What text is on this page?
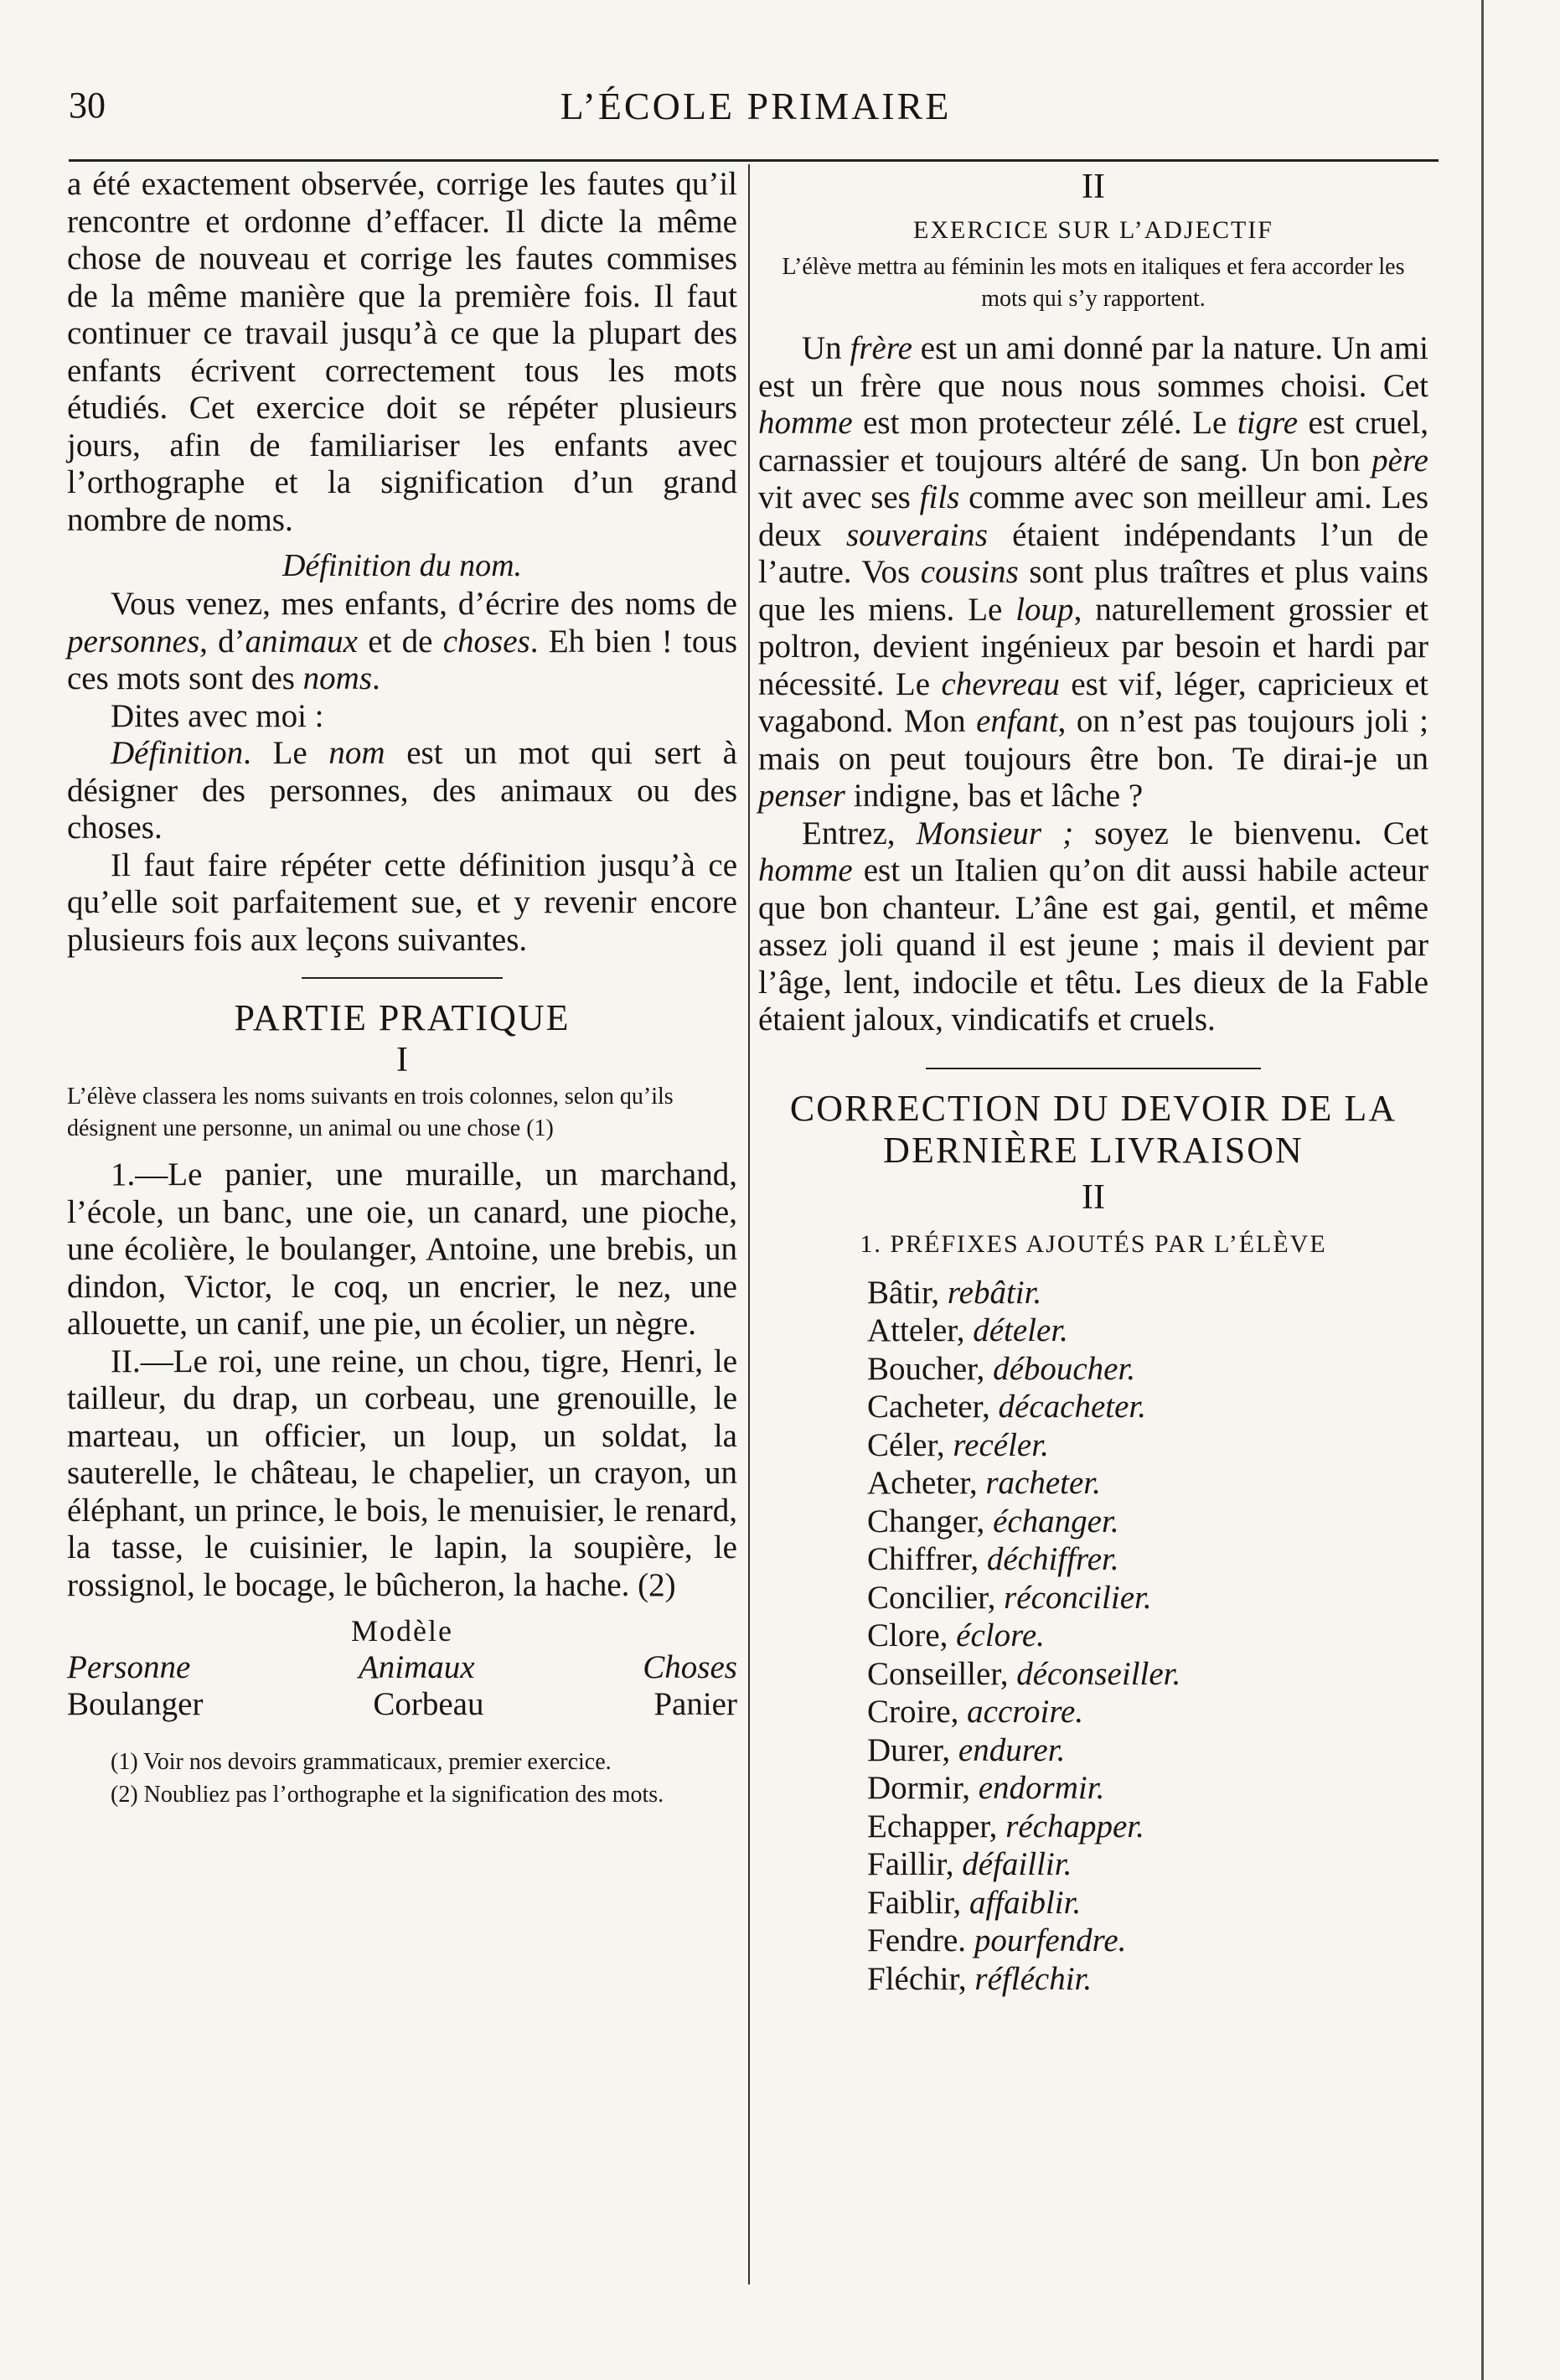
30	L’ÉCOLE PRIMAIRE

a été exactement observée, corrige les fautes qu’il rencontre et ordonne d’effacer. Il dicte la même chose de nouveau et corrige les fautes commises de la même manière que la première fois. Il faut continuer ce travail jusqu’à ce que la plupart des enfants écrivent correctement tous les mots étudiés. Cet exercice doit se répéter plusieurs jours, afin de familiariser les enfants avec l’orthographe et la signification d’un grand nombre de noms.

Définition du nom.

Vous venez, mes enfants, d’écrire des noms de personnes, d’animaux et de choses. Eh bien ! tous ces mots sont des noms.

Dites avec moi :

Définition. Le nom est un mot qui sert à désigner des personnes, des animaux ou des choses.

Il faut faire répéter cette définition jusqu’à ce qu’elle soit parfaitement sue, et y revenir encore plusieurs fois aux leçons suivantes.

PARTIE PRATIQUE

I

L’élève classera les noms suivants en trois colonnes, selon qu’ils désignent une personne, un animal ou une chose (1)

1.—Le panier, une muraille, un marchand, l’école, un banc, une oie, un canard, une pioche, une écolière, le boulanger, Antoine, une brebis, un dindon, Victor, le coq, un encrier, le nez, une allouette, un canif, une pie, un écolier, un nègre.

II.—Le roi, une reine, un chou, tigre, Henri, le tailleur, du drap, un corbeau, une grenouille, le marteau, un officier, un loup, un soldat, la sauterelle, le château, le chapelier, un crayon, un éléphant, un prince, le bois, le menuisier, le renard, la tasse, le cuisinier, le lapin, la soupière, le rossignol, le bocage, le bûcheron, la hache. (2)

Modèle

Personne	Animaux	Choses
Boulanger	Corbeau	Panier

(1) Voir nos devoirs grammaticaux, premier exercice.

(2) Noubliez pas l’orthographe et la signification des mots.

II

EXERCICE SUR L’ADJECTIF

L’élève mettra au féminin les mots en italiques et fera accorder les mots qui s’y rapportent.

Un frère est un ami donné par la nature. Un ami est un frère que nous nous sommes choisi. Cet homme est mon protecteur zélé. Le tigre est cruel, carnassier et toujours altéré de sang. Un bon père vit avec ses fils comme avec son meilleur ami. Les deux souverains étaient indépendants l’un de l’autre. Vos cousins sont plus traîtres et plus vains que les miens. Le loup, naturellement grossier et poltron, devient ingénieux par besoin et hardi par nécessité. Le chevreau est vif, léger, capricieux et vagabond. Mon enfant, on n’est pas toujours joli ; mais on peut toujours être bon. Te dirai-je un penser indigne, bas et lâche ?

Entrez, Monsieur ; soyez le bienvenu. Cet homme est un Italien qu’on dit aussi habile acteur que bon chanteur. L’âne est gai, gentil, et même assez joli quand il est jeune ; mais il devient par l’âge, lent, indocile et têtu. Les dieux de la Fable étaient jaloux, vindicatifs et cruels.

CORRECTION DU DEVOIR DE LA DERNIÈRE LIVRAISON

II

1. PRÉFIXES AJOUTÉS PAR L’ÉLÈVE

Bâtir, rebâtir.
Atteler, dételer.
Boucher, déboucher.
Cacheter, décacheter.
Céler, recéler.
Acheter, racheter.
Changer, échanger.
Chiffrer, déchiffrer.
Concilier, réconcilier.
Clore, éclore.
Conseiller, déconseiller.
Croire, accroire.
Durer, endurer.
Dormir, endormir.
Echapper, réchapper.
Faillir, défaillir.
Faiblir, affaiblir.
Fendre. pourfendre.
Fléchir, réfléchir.
